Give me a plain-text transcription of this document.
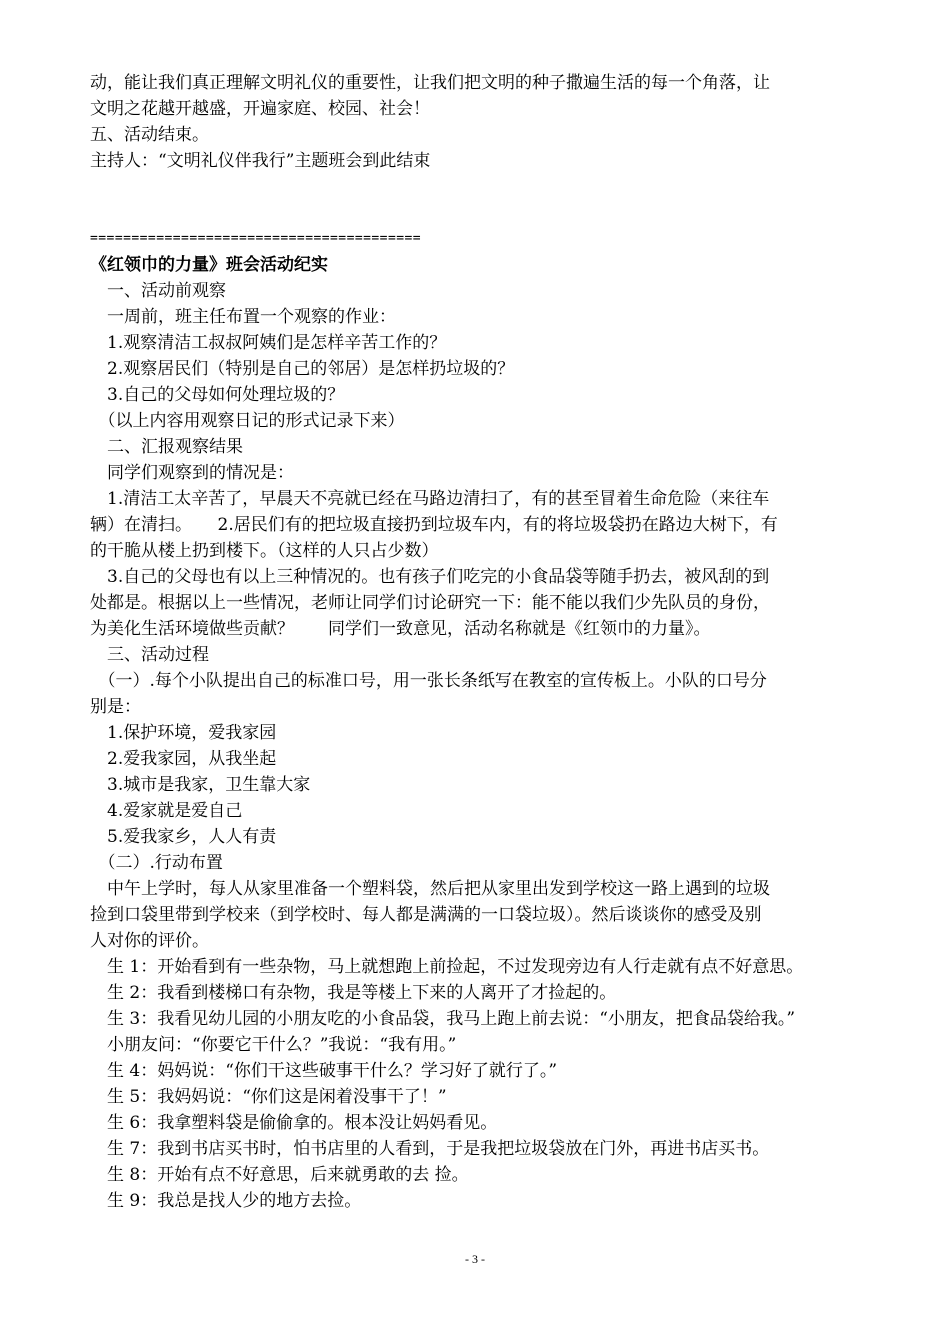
动，能让我们真正理解文明礼仪的重要性，让我们把文明的种子撒遍生活的每一个角落，让
文明之花越开越盛，开遍家庭、校园、社会！
五、活动结束。
主持人：“文明礼仪伴我行”主题班会到此结束
========================================
《红领巾的力量》班会活动纪实
　一、活动前观察
　一周前，班主任布置一个观察的作业：
　1.观察清洁工叔叔阿姨们是怎样辛苦工作的？
　2.观察居民们（特别是自己的邻居）是怎样扔垃圾的？
　3.自己的父母如何处理垃圾的？
　（以上内容用观察日记的形式记录下来）
　二、汇报观察结果
　同学们观察到的情况是：
　1.清洁工太辛苦了，早晨天不亮就已经在马路边清扫了，有的甚至冒着生命危险（来往车
辆）在清扫。　　2.居民们有的把垃圾直接扔到垃圾车内，有的将垃圾袋扔在路边大树下，有
的干脆从楼上扔到楼下。（这样的人只占少数）
　3.自己的父母也有以上三种情况的。也有孩子们吃完的小食品袋等随手扔去，被风刮的到
处都是。根据以上一些情况，老师让同学们讨论研究一下：能不能以我们少先队员的身份，
为美化生活环境做些贡献？　　同学们一致意见，活动名称就是《红领巾的力量》。
　三、活动过程
　（一）.每个小队提出自己的标准口号，用一张长条纸写在教室的宣传板上。小队的口号分
别是：
　1.保护环境，爱我家园
　2.爱我家园，从我坐起
　3.城市是我家，卫生靠大家
　4.爱家就是爱自己
　5.爱我家乡，人人有责
　（二）.行动布置
　中午上学时，每人从家里准备一个塑料袋，然后把从家里出发到学校这一路上遇到的垃圾
捡到口袋里带到学校来（到学校时、每人都是满满的一口袋垃圾）。然后谈谈你的感受及别
人对你的评价。
　生 1：开始看到有一些杂物，马上就想跑上前捡起，不过发现旁边有人行走就有点不好意思。
　生 2：我看到楼梯口有杂物，我是等楼上下来的人离开了才捡起的。
　生 3：我看见幼儿园的小朋友吃的小食品袋，我马上跑上前去说：“小朋友，把食品袋给我。”
　小朋友问：“你要它干什么？”我说：“我有用。”
　生 4：妈妈说：“你们干这些破事干什么？学习好了就行了。”
　生 5：我妈妈说：“你们这是闲着没事干了！”
　生 6：我拿塑料袋是偷偷拿的。根本没让妈妈看见。
　生 7：我到书店买书时，怕书店里的人看到，于是我把垃圾袋放在门外，再进书店买书。
　生 8：开始有点不好意思，后来就勇敢的去 捡。
　生 9：我总是找人少的地方去捡。
- 3 -
